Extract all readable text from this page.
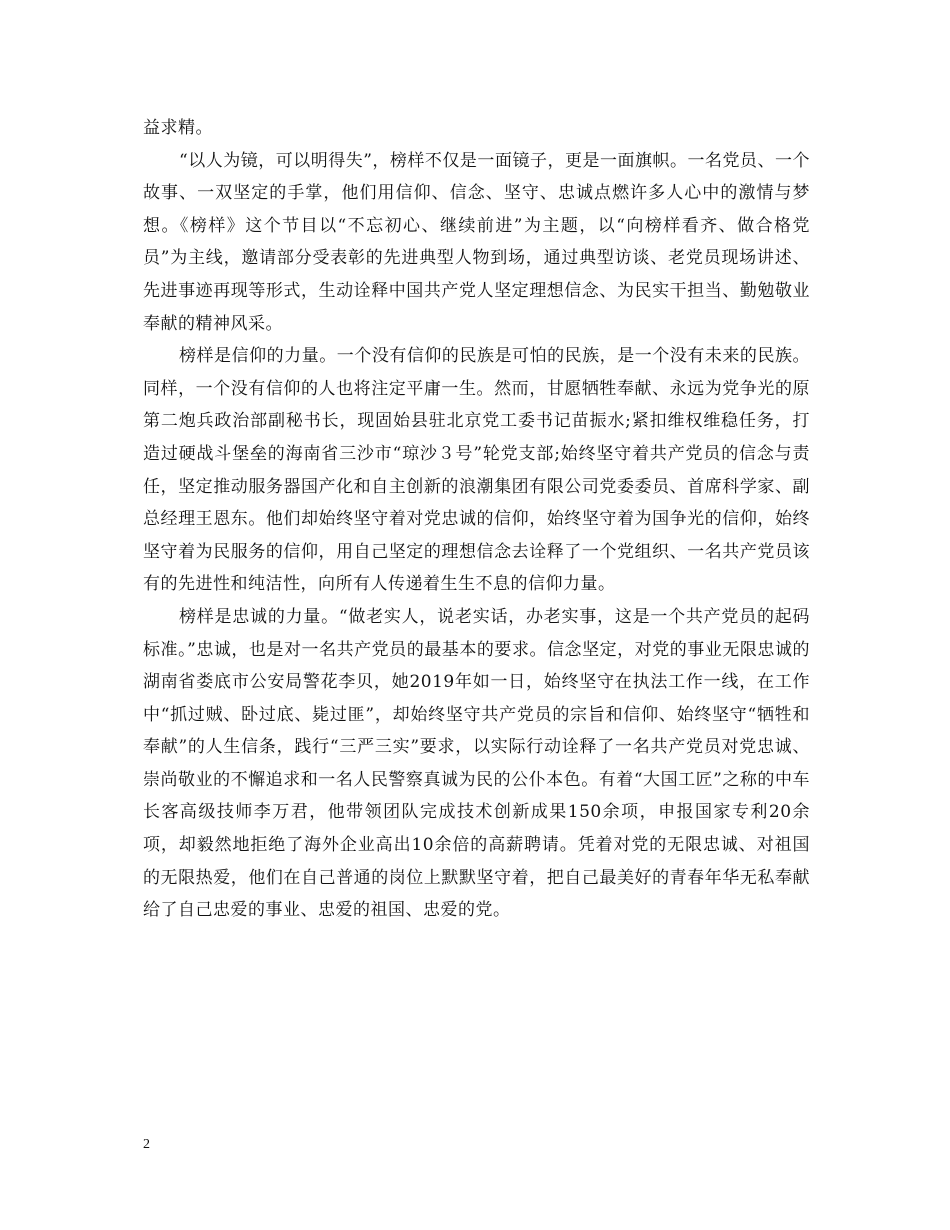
益求精。

“以人为镜，可以明得失”，榜样不仅是一面镜子，更是一面旗帜。一名党员、一个故事、一双坚定的手掌，他们用信仰、信念、坚守、忠诚点燃许多人心中的激情与梦想。《榜样》这个节目以“不忘初心、继续前进”为主题，以“向榜样看齐、做合格党员”为主线，邀请部分受表彰的先进典型人物到场，通过典型访谈、老党员现场讲述、先进事迹再现等形式，生动诠释中国共产党人坚定理想信念、为民实干担当、勤勉敬业奉献的精神风采。

榜样是信仰的力量。一个没有信仰的民族是可怕的民族，是一个没有未来的民族。同样，一个没有信仰的人也将注定平庸一生。然而，甘愿牺牲奉献、永远为党争光的原第二炮兵政治部副秘书长，现固始县驻北京党工委书记苗振水;紧扣维权维稳任务，打造过硬战斗堡垒的海南省三沙市“琼沙３号”轮党支部;始终坚守着共产党员的信念与责任，坚定推动服务器国产化和自主创新的浪潮集团有限公司党委委员、首席科学家、副总经理王恩东。他们却始终坚守着对党忠诚的信仰，始终坚守着为国争光的信仰，始终坚守着为民服务的信仰，用自己坚定的理想信念去诠释了一个党组织、一名共产党员该有的先进性和纯洁性，向所有人传递着生生不息的信仰力量。

榜样是忠诚的力量。“做老实人，说老实话，办老实事，这是一个共产党员的起码标准。”忠诚，也是对一名共产党员的最基本的要求。信念坚定，对党的事业无限忠诚的湖南省娄底市公安局警花李贝，她2019年如一日，始终坚守在执法工作一线，在工作中“抓过贼、卧过底、毙过匪”，却始终坚守共产党员的宗旨和信仰、始终坚守“牺牲和奉献”的人生信条，践行“三严三实”要求，以实际行动诠释了一名共产党员对党忠诚、崇尚敬业的不懈追求和一名人民警察真诚为民的公仆本色。有着“大国工匠”之称的中车长客高级技师李万君，他带领团队完成技术创新成果150余项，申报国家专利20余项，却毅然地拒绝了海外企业高出10余倍的高薪聘请。凭着对党的无限忠诚、对祖国的无限热爱，他们在自己普通的岗位上默默坚守着，把自己最美好的青春年华无私奉献给了自己忠爱的事业、忠爱的祖国、忠爱的党。

2
